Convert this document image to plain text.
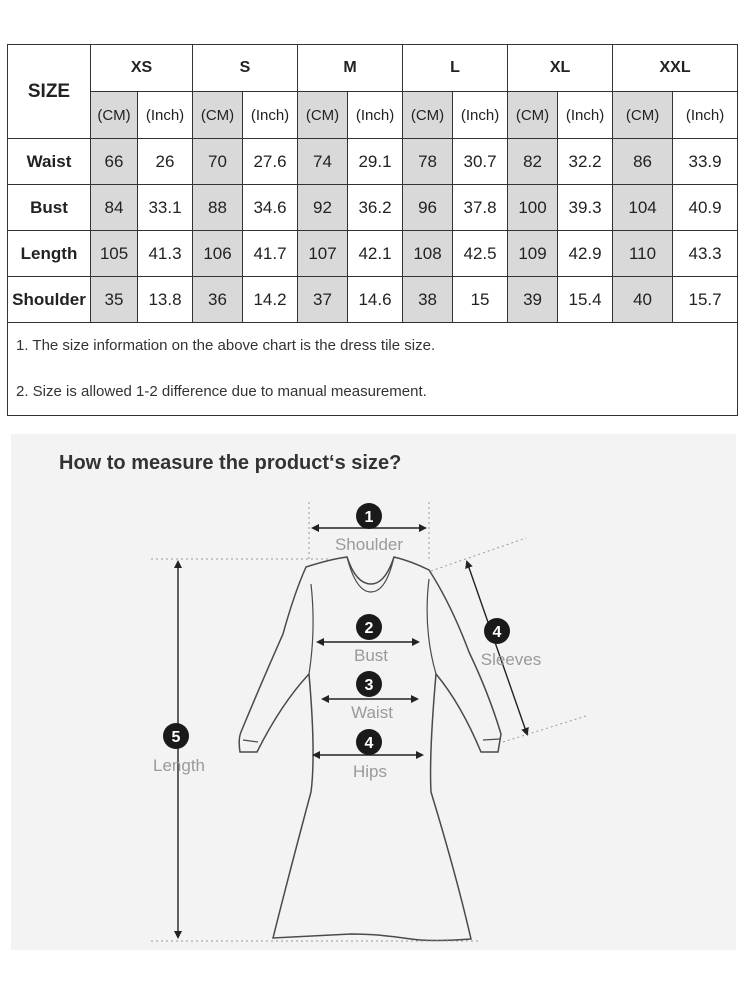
SIZE	XS		S		M		L		XL		XXL	
	(CM)	(Inch)	(CM)	(Inch)	(CM)	(Inch)	(CM)	(Inch)	(CM)	(Inch)	(CM)	(Inch)
Waist	66	26	70	27.6	74	29.1	78	30.7	82	32.2	86	33.9
Bust	84	33.1	88	34.6	92	36.2	96	37.8	100	39.3	104	40.9
Length	105	41.3	106	41.7	107	42.1	108	42.5	109	42.9	110	43.3
Shoulder	35	13.8	36	14.2	37	14.6	38	15	39	15.4	40	15.7

1. The size information on the above chart is the dress tile size.
2. Size is allowed 1-2 difference due to manual measurement.												
How to measure the product‘s size?
1
Shoulder
2
Bust
3
Waist
4
Hips
4
Sleeves
5
Length
